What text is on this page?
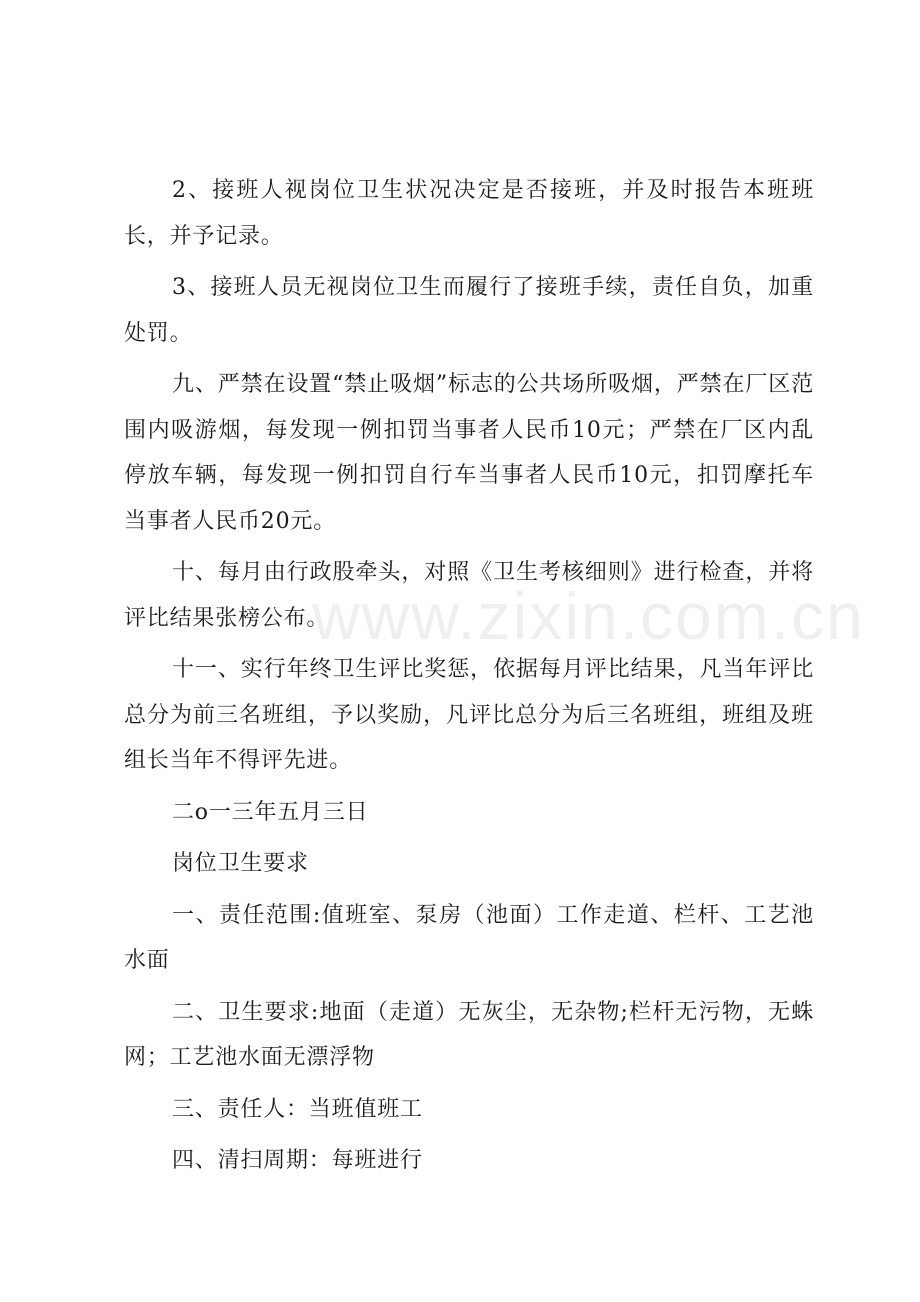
2、接班人视岗位卫生状况决定是否接班，并及时报告本班班长，并予记录。

3、接班人员无视岗位卫生而履行了接班手续，责任自负，加重处罚。

九、严禁在设置“禁止吸烟”标志的公共场所吸烟，严禁在厂区范围内吸游烟，每发现一例扣罚当事者人民币10元；严禁在厂区内乱停放车辆，每发现一例扣罚自行车当事者人民币10元，扣罚摩托车当事者人民币20元。

十、每月由行政股牵头，对照《卫生考核细则》进行检查，并将评比结果张榜公布。

十一、实行年终卫生评比奖惩，依据每月评比结果，凡当年评比总分为前三名班组，予以奖励，凡评比总分为后三名班组，班组及班组长当年不得评先进。

二o一三年五月三日

岗位卫生要求

一、责任范围:值班室、泵房（池面）工作走道、栏杆、工艺池水面

二、卫生要求:地面（走道）无灰尘，无杂物;栏杆无污物，无蛛网；工艺池水面无漂浮物

三、责任人：当班值班工

四、清扫周期：每班进行

www.zixin.com.cn
